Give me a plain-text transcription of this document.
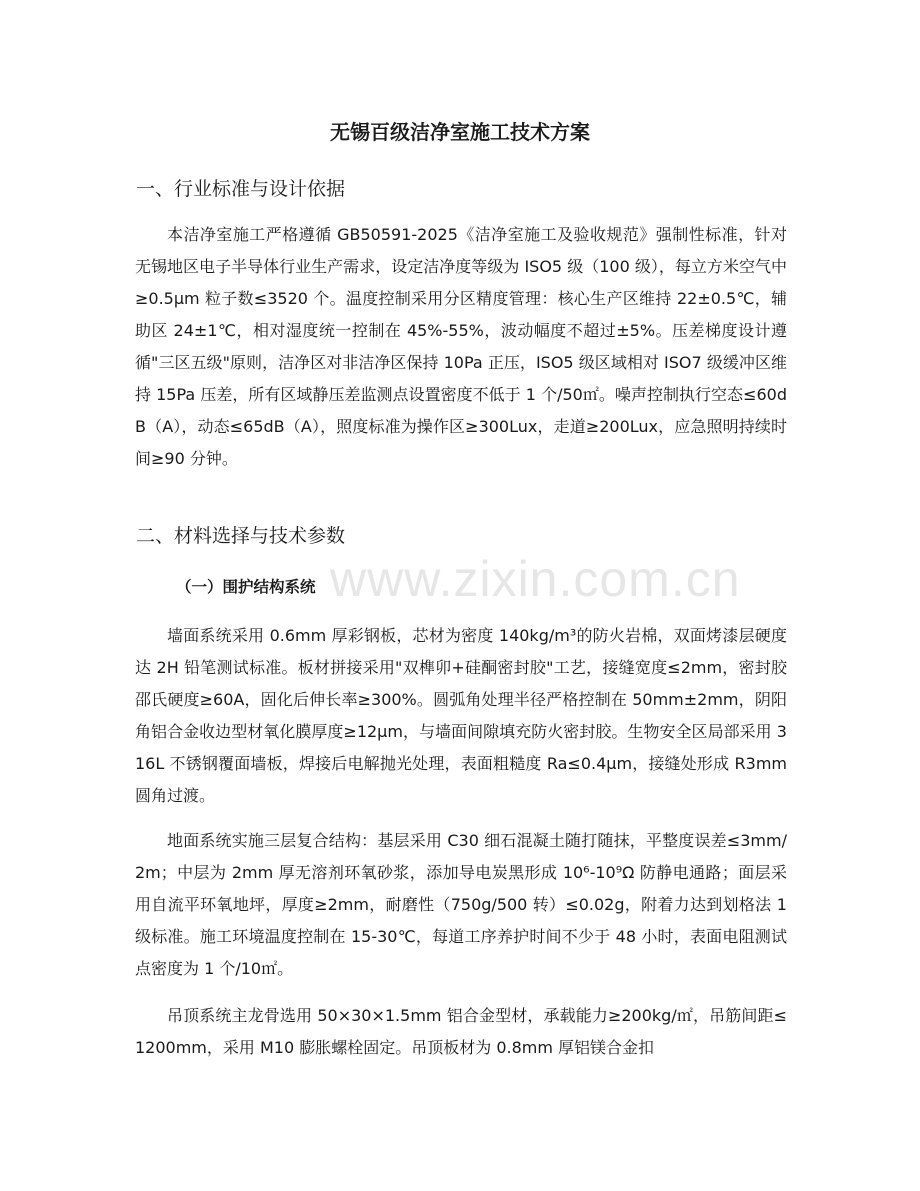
无锡百级洁净室施工技术方案
一、行业标准与设计依据

本洁净室施工严格遵循 GB50591-2025《洁净室施工及验收规范》强制性标准，针对无锡地区电子半导体行业生产需求，设定洁净度等级为 ISO5 级（100 级），每立方米空气中≥0.5μm 粒子数≤3520 个。温度控制采用分区精度管理：核心生产区维持 22±0.5℃，辅助区 24±1℃，相对湿度统一控制在 45%-55%，波动幅度不超过±5%。压差梯度设计遵循"三区五级"原则，洁净区对非洁净区保持 10Pa 正压，ISO5 级区域相对 ISO7 级缓冲区维持 15Pa 压差，所有区域静压差监测点设置密度不低于 1 个/50㎡。噪声控制执行空态≤60dB（A），动态≤65dB（A），照度标准为操作区≥300Lux，走道≥200Lux，应急照明持续时间≥90 分钟。

二、材料选择与技术参数
（一）围护结构系统

墙面系统采用 0.6mm 厚彩钢板，芯材为密度 140kg/m³的防火岩棉，双面烤漆层硬度达 2H 铅笔测试标准。板材拼接采用"双榫卯+硅酮密封胶"工艺，接缝宽度≤2mm，密封胶邵氏硬度≥60A，固化后伸长率≥300%。圆弧角处理半径严格控制在 50mm±2mm，阴阳角铝合金收边型材氧化膜厚度≥12μm，与墙面间隙填充防火密封胶。生物安全区局部采用 316L 不锈钢覆面墙板，焊接后电解抛光处理，表面粗糙度 Ra≤0.4μm，接缝处形成 R3mm 圆角过渡。

地面系统实施三层复合结构：基层采用 C30 细石混凝土随打随抹，平整度误差≤3mm/2m；中层为 2mm 厚无溶剂环氧砂浆，添加导电炭黑形成 10⁶-10⁹Ω 防静电通路；面层采用自流平环氧地坪，厚度≥2mm，耐磨性（750g/500 转）≤0.02g，附着力达到划格法 1 级标准。施工环境温度控制在 15-30℃，每道工序养护时间不少于 48 小时，表面电阻测试点密度为 1 个/10㎡。

吊顶系统主龙骨选用 50×30×1.5mm 铝合金型材，承载能力≥200kg/㎡，吊筋间距≤1200mm，采用 M10 膨胀螺栓固定。吊顶板材为 0.8mm 厚铝镁合金扣

www.zixin.com.cn
